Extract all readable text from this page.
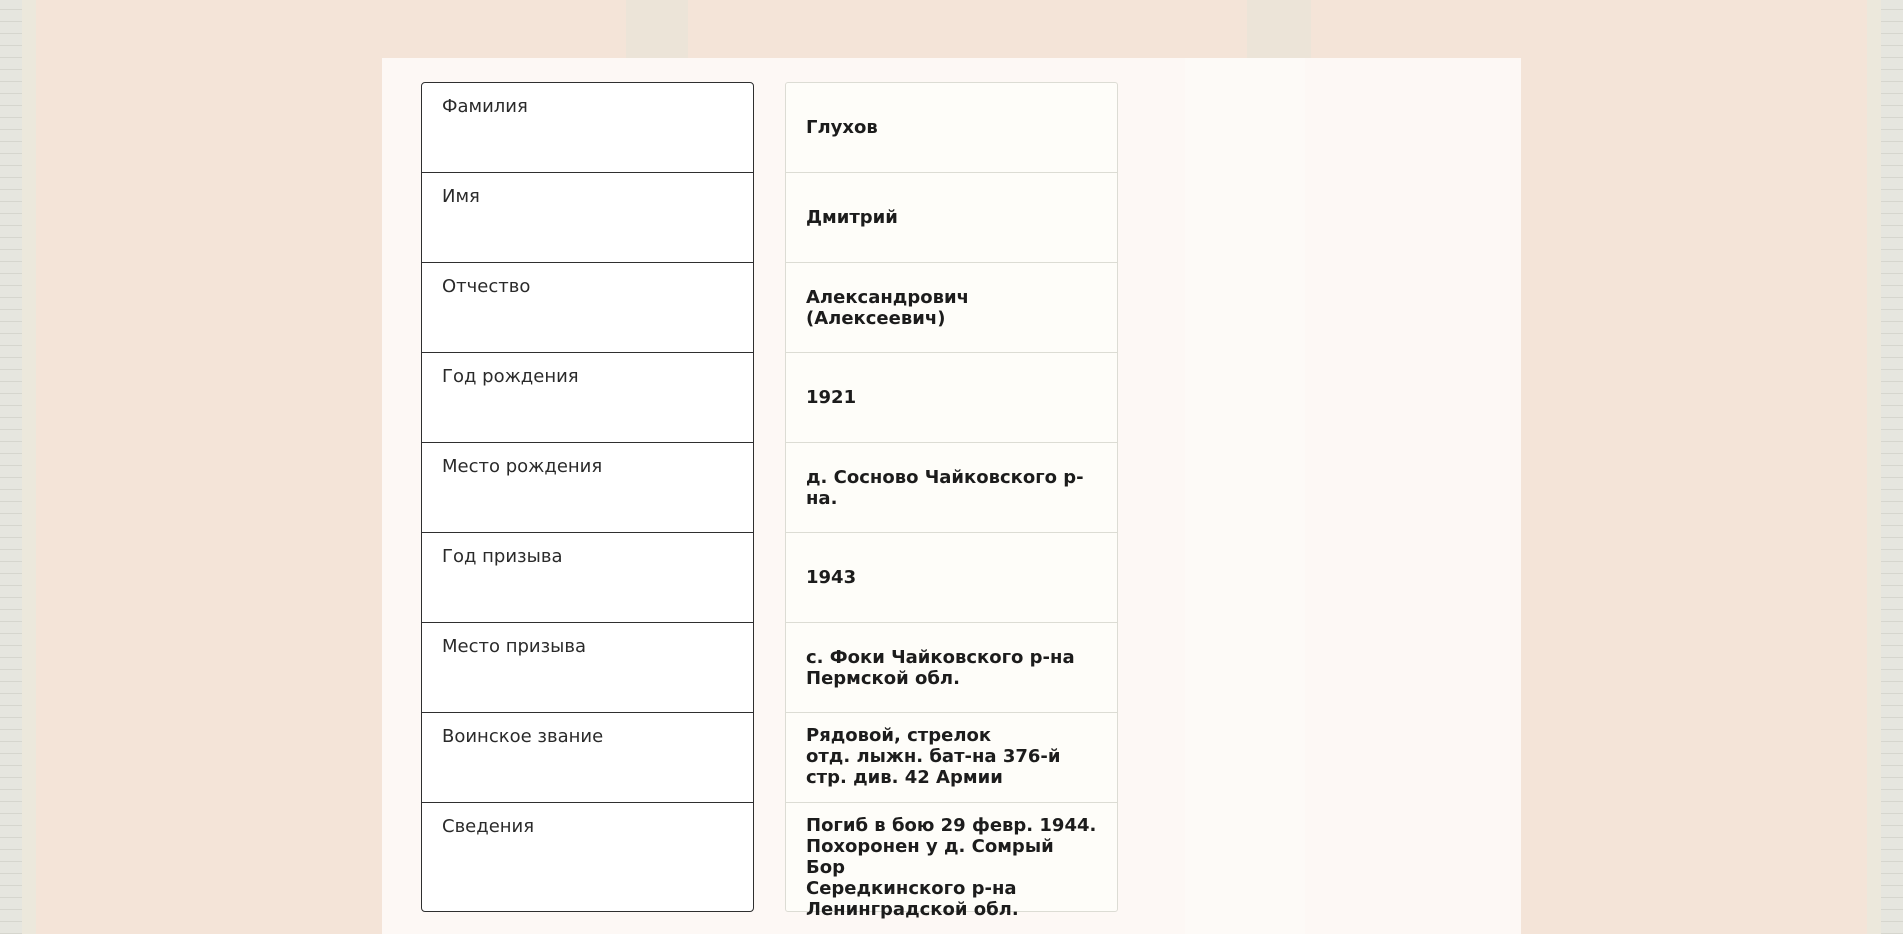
Фамилия
Имя
Отчество
Год рождения
Место рождения
Год призыва
Место призыва
Воинское звание
Сведения
Глухов
Дмитрий
Александрович (Алексеевич)
1921
д. Сосново Чайковского р-на.
1943
с. Фоки Чайковского р-на
Пермской обл.
Рядовой, стрелок
отд. лыжн. бат-на 376-й
стр. див. 42 Армии
Погиб в бою 29 февр. 1944.
Похоронен у д. Сомрый Бор
Середкинского р-на
Ленинградской обл.
